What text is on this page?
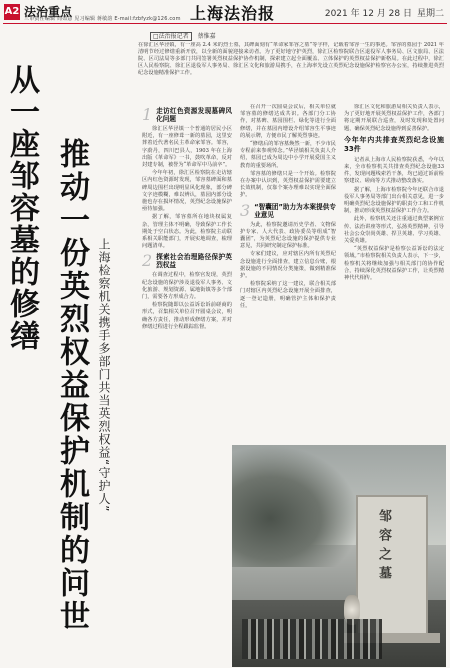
A2 法治重点
三审责任编辑 周如意 见习编辑 蒋敏韵 E-mail:fzbfyzk@126.com 上海法治报	2021 年 12 月 28 日 星期二
□法治报记者 蔡惟嘉
在徐汇区华泾镇，有一座高 2.4 米的烈士墓，其碑面刻有“革命家邹容之墓”等字样，记载着邹容一生的事迹。邹容的墓园于 2021 年清明节经过修缮重新开放，以全新的面貌迎接来访者。为了更好地守护英烈，徐汇区检察院联合区退役军人事务局、区文旅局、区法院、区司法局等多部门共同签署英烈权益保护协作机制，探索建立起全面覆盖、立体保护的英烈权益保护新格局。在此过程中，徐汇区人民检察院、徐汇区退役军人事务局、徐汇区文化和旅游局携手，在上海率先设立英烈纪念设施保护检察官办公室，持续推进英烈纪念设施精准保护工作。
从一座邹容墓的修缮 推动一份英烈权益保护机制的问世 上海检察机关携手多部门共当英烈权益“守护人”
1 走访红色资源发现墓碑风化问题

徐汇区华泾镇一个普通的居民小区附近，有一座修葺一新的墓园，这里安葬着近代著名民主革命家邹容。邹容，字蔚丹，四川巴县人，1903 年在上海出版《革命军》一书，鼓吹革命，反对封建专制，被誉为“革命军中马前卒”。

今年年初，徐汇区检察院在走访辖区内红色资源时发现，邹容墓碑面和墓碑周边围栏出现明显风化现象，部分碑文字迹模糊，难以辨认，墓园内部分设施也存在损坏情况，英烈纪念设施保护亟待加强。

据了解，邹容墓所在地块权属复杂，管理主体不明确，导致保护工作长期处于空白状态。为此，检察院主动联系相关职能部门，开展实地调查，梳理问题清单。

2 探索社会治理路径保护英烈权益

在调查过程中，检察官发现，英烈纪念设施的保护涉及退役军人事务、文化旅游、规划资源、属地街镇等多个部门，需要各方形成合力。

检察院随即以公益诉讼诉前磋商的形式，召集相关单位召开圆桌会议，明确各方责任，推动形成修缮方案，并对修缮过程进行全程跟踪监督。

在召开一次圆桌会议后，相关单位就邹容墓的修缮达成共识。各部门分工协作，对墓碑、墓园围栏、绿化等进行全面修缮，并在墓园内增设介绍邹容生平事迹的展示牌，方便市民了解英烈事迹。

“修缮后的邹容墓焕然一新，不少市民专程前来参观悼念。”华泾镇相关负责人介绍，墓园已成为周边中小学开展爱国主义教育的重要场所。

邹容墓的修缮只是一个开始。检察院在办案中认识到，英烈权益保护需要建立长效机制，仅靠个案办理难以实现全面保护。

3 “智囊团”助力为本案提供专业意见

为此，检察院邀请历史学者、文物保护专家、人大代表、政协委员等组成“智囊团”，为英烈纪念设施的保护提供专业意见，共同研究制定保护标准。

专家们建议，应对辖区内所有英烈纪念设施进行全面排查，建立信息台账，根据设施的不同情况分类施策，做到精准保护。

检察院采纳了这一建议，联合相关部门对辖区内英烈纪念设施开展全面排查，逐一登记造册，明确管护主体和保护责任。

徐汇区文化和旅游局相关负责人表示，为了更好地开展英烈权益保护工作，各部门将定期开展联合巡查，及时发现和处置问题，确保英烈纪念设施得到妥善保护。

今年年内共排查英烈纪念设施33件

记者从上海市人民检察院获悉，今年以来，全市检察机关共排查英烈纪念设施33件，发现问题线索若干条，均已通过诉前检察建议、磋商等方式推动整改落实。

据了解，上海市检察院今年还联合市退役军人事务局等部门出台相关意见，进一步明确英烈纪念设施保护的职责分工和工作机制，推动形成英烈权益保护工作合力。

此外，检察机关还注重通过典型案例宣传、法治讲座等形式，弘扬英烈精神，引导社会公众崇尚英雄、捍卫英雄、学习英雄、关爱英雄。

“英烈权益保护是检察公益诉讼的法定领域。”市检察院相关负责人表示，下一步，检察机关将继续加强与相关部门的协作配合，持续深化英烈权益保护工作，让英烈精神代代相传。

邹容之墓
